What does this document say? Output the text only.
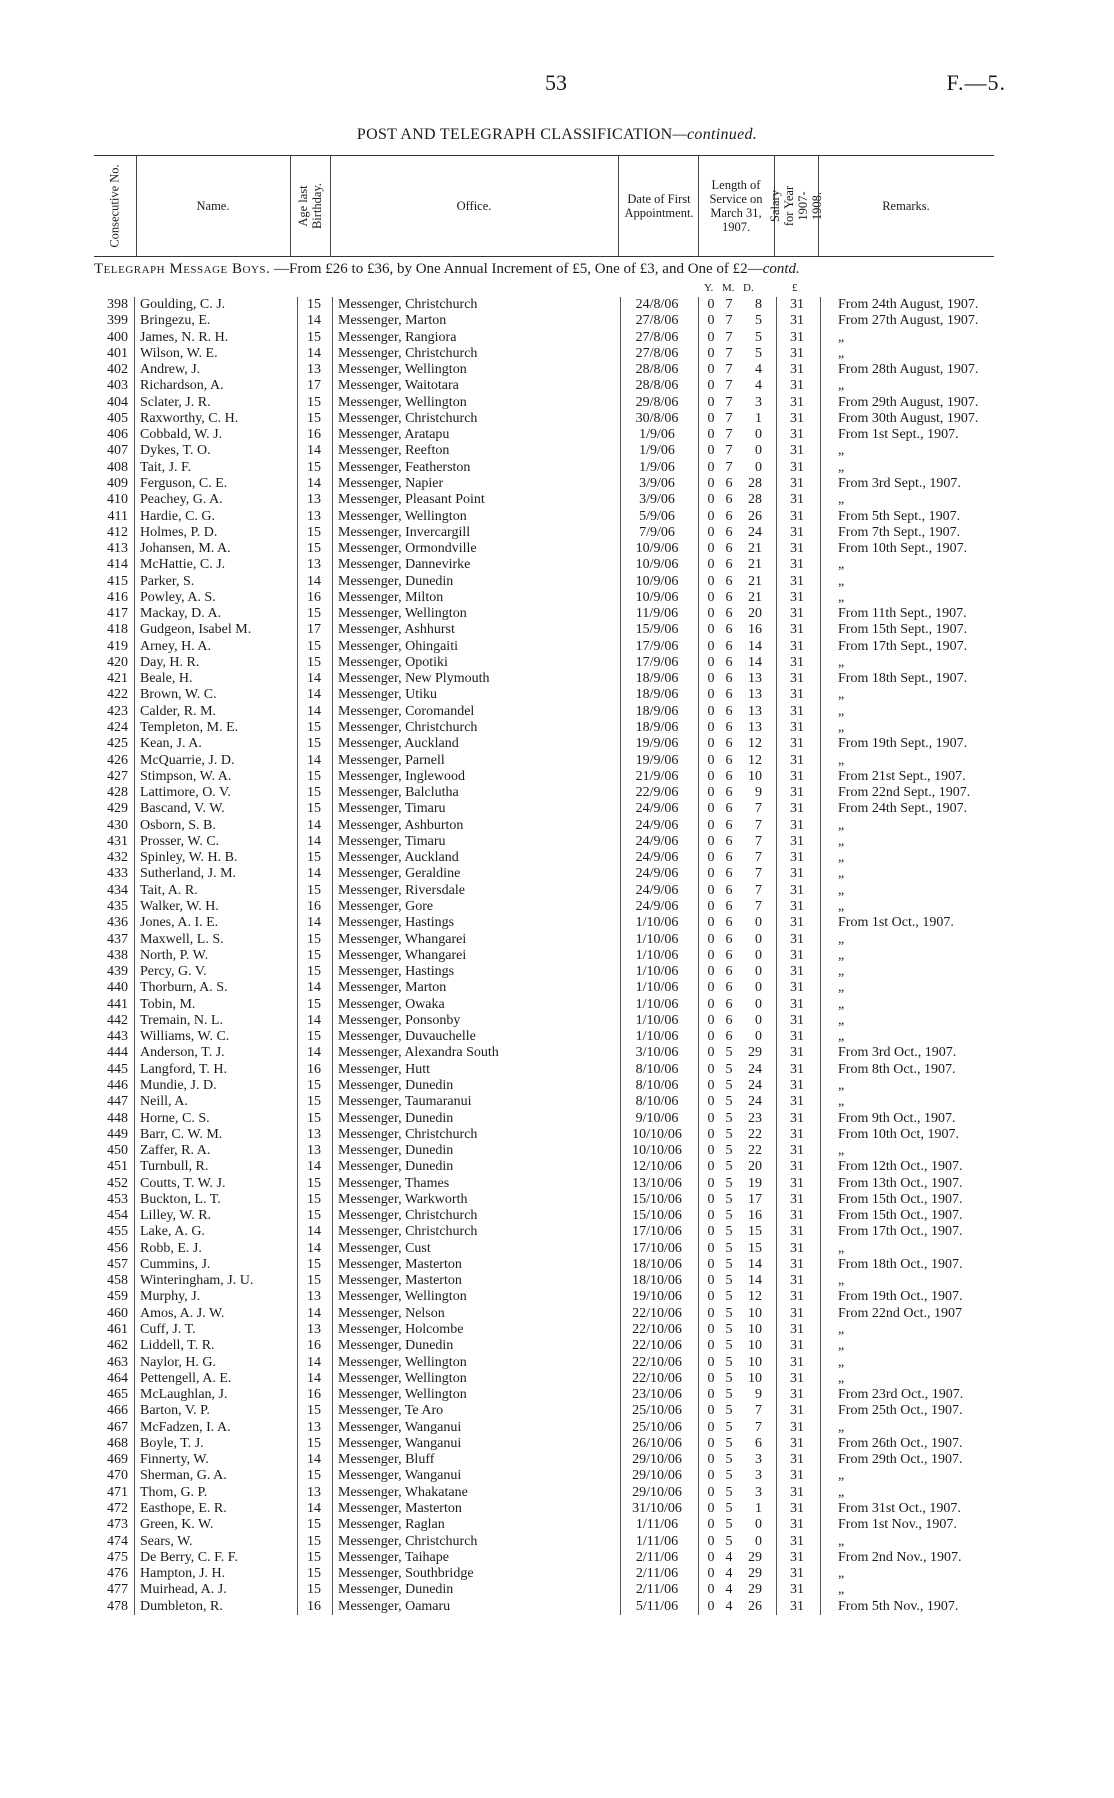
53	F.—5.
POST AND TELEGRAPH CLASSIFICATION—continued.
Consecutive No.	Name.	Age last Birthday.	Office.	Date of First Appointment.
Length of Service on March 31, 1907.
Salary for Year 1907-1908.	Remarks.
Telegraph Message Boys. —From £26 to £36, by One Annual Increment of £5, One of £3, and One of £2—contd.
Y. M. D.	£
398 Goulding, C. J.	15	Messenger, Christchurch	24/8/06	0 7	8	31	From 24th August, 1907.
399 Bringezu, E.	14	Messenger, Marton	27/8/06	0 7	5	31	From 27th August, 1907.
400 James, N. R. H.	15	Messenger, Rangiora	27/8/06	0 7	5	31	„
401 Wilson, W. E.	14	Messenger, Christchurch	27/8/06	0 7	5	31	„
402 Andrew, J.	13	Messenger, Wellington	28/8/06	0 7	4	31	From 28th August, 1907.
403 Richardson, A.	17	Messenger, Waitotara	28/8/06	0 7	4	31	„
404 Sclater, J. R.	15	Messenger, Wellington	29/8/06	0 7	3	31	From 29th August, 1907.
405 Raxworthy, C. H.	15	Messenger, Christchurch	30/8/06	0 7	1	31	From 30th August, 1907.
406 Cobbald, W. J.	16	Messenger, Aratapu	1/9/06	0 7	0	31	From 1st Sept., 1907.
407 Dykes, T. O.	14	Messenger, Reefton	1/9/06	0 7	0	31	„
408 Tait, J. F.	15	Messenger, Featherston	1/9/06	0 7	0	31	„
409 Ferguson, C. E.	14	Messenger, Napier	3/9/06	0 6	28	31	From 3rd Sept., 1907.
410 Peachey, G. A.	13	Messenger, Pleasant Point	3/9/06	0 6	28	31	„
411 Hardie, C. G.	13	Messenger, Wellington	5/9/06	0 6	26	31	From 5th Sept., 1907.
412 Holmes, P. D.	15	Messenger, Invercargill	7/9/06	0 6	24	31	From 7th Sept., 1907.
413 Johansen, M. A.	15	Messenger, Ormondville	10/9/06	0 6	21	31	From 10th Sept., 1907.
414 McHattie, C. J.	13	Messenger, Dannevirke	10/9/06	0 6	21	31	„
415 Parker, S.	14	Messenger, Dunedin	10/9/06	0 6	21	31	„
416 Powley, A. S.	16	Messenger, Milton	10/9/06	0 6	21	31	„
417 Mackay, D. A.	15	Messenger, Wellington	11/9/06	0 6	20	31	From 11th Sept., 1907.
418 Gudgeon, Isabel M.	17	Messenger, Ashhurst	15/9/06	0 6	16	31	From 15th Sept., 1907.
419 Arney, H. A.	15	Messenger, Ohingaiti	17/9/06	0 6	14	31	From 17th Sept., 1907.
420 Day, H. R.	15	Messenger, Opotiki	17/9/06	0 6	14	31	„
421 Beale, H.	14	Messenger, New Plymouth	18/9/06	0 6	13	31	From 18th Sept., 1907.
422 Brown, W. C.	14	Messenger, Utiku	18/9/06	0 6	13	31	„
423 Calder, R. M.	14	Messenger, Coromandel	18/9/06	0 6	13	31	„
424 Templeton, M. E.	15	Messenger, Christchurch	18/9/06	0 6	13	31	„
425 Kean, J. A.	15	Messenger, Auckland	19/9/06	0 6	12	31	From 19th Sept., 1907.
426 McQuarrie, J. D.	14	Messenger, Parnell	19/9/06	0 6	12	31	„
427 Stimpson, W. A.	15	Messenger, Inglewood	21/9/06	0 6	10	31	From 21st Sept., 1907.
428 Lattimore, O. V.	15	Messenger, Balclutha	22/9/06	0 6	9	31	From 22nd Sept., 1907.
429 Bascand, V. W.	15	Messenger, Timaru	24/9/06	0 6	7	31	From 24th Sept., 1907.
430 Osborn, S. B.	14	Messenger, Ashburton	24/9/06	0 6	7	31	„
431 Prosser, W. C.	14	Messenger, Timaru	24/9/06	0 6	7	31	„
432 Spinley, W. H. B.	15	Messenger, Auckland	24/9/06	0 6	7	31	„
433 Sutherland, J. M.	14	Messenger, Geraldine	24/9/06	0 6	7	31	„
434 Tait, A. R.	15	Messenger, Riversdale	24/9/06	0 6	7	31	„
435 Walker, W. H.	16	Messenger, Gore	24/9/06	0 6	7	31	„
436 Jones, A. I. E.	14	Messenger, Hastings	1/10/06	0 6	0	31	From 1st Oct., 1907.
437 Maxwell, L. S.	15	Messenger, Whangarei	1/10/06	0 6	0	31	„
438 North, P. W.	15	Messenger, Whangarei	1/10/06	0 6	0	31	„
439 Percy, G. V.	15	Messenger, Hastings	1/10/06	0 6	0	31	„
440 Thorburn, A. S.	14	Messenger, Marton	1/10/06	0 6	0	31	„
441 Tobin, M.	15	Messenger, Owaka	1/10/06	0 6	0	31	„
442 Tremain, N. L.	14	Messenger, Ponsonby	1/10/06	0 6	0	31	„
443 Williams, W. C.	15	Messenger, Duvauchelle	1/10/06	0 6	0	31	„
444 Anderson, T. J.	14	Messenger, Alexandra South	3/10/06	0 5	29	31	From 3rd Oct., 1907.
445 Langford, T. H.	16	Messenger, Hutt	8/10/06	0 5	24	31	From 8th Oct., 1907.
446 Mundie, J. D.	15	Messenger, Dunedin	8/10/06	0 5	24	31	„
447 Neill, A.	15	Messenger, Taumaranui	8/10/06	0 5	24	31	„
448 Horne, C. S.	15	Messenger, Dunedin	9/10/06	0 5	23	31	From 9th Oct., 1907.
449 Barr, C. W. M.	13	Messenger, Christchurch	10/10/06	0 5	22	31	From 10th Oct, 1907.
450 Zaffer, R. A.	13	Messenger, Dunedin	10/10/06	0 5	22	31	„
451 Turnbull, R.	14	Messenger, Dunedin	12/10/06	0 5	20	31	From 12th Oct., 1907.
452 Coutts, T. W. J.	15	Messenger, Thames	13/10/06	0 5	19	31	From 13th Oct., 1907.
453 Buckton, L. T.	15	Messenger, Warkworth	15/10/06	0 5	17	31	From 15th Oct., 1907.
454 Lilley, W. R.	15	Messenger, Christchurch	15/10/06	0 5	16	31	From 15th Oct., 1907.
455 Lake, A. G.	14	Messenger, Christchurch	17/10/06	0 5	15	31	From 17th Oct., 1907.
456 Robb, E. J.	14	Messenger, Cust	17/10/06	0 5	15	31	„
457 Cummins, J.	15	Messenger, Masterton	18/10/06	0 5	14	31	From 18th Oct., 1907.
458 Winteringham, J. U.	15	Messenger, Masterton	18/10/06	0 5	14	31	„
459 Murphy, J.	13	Messenger, Wellington	19/10/06	0 5	12	31	From 19th Oct., 1907.
460 Amos, A. J. W.	14	Messenger, Nelson	22/10/06	0 5	10	31	From 22nd Oct., 1907
461 Cuff, J. T.	13	Messenger, Holcombe	22/10/06	0 5	10	31	„
462 Liddell, T. R.	16	Messenger, Dunedin	22/10/06	0 5	10	31	„
463 Naylor, H. G.	14	Messenger, Wellington	22/10/06	0 5	10	31	„
464 Pettengell, A. E.	14	Messenger, Wellington	22/10/06	0 5	10	31	„
465 McLaughlan, J.	16	Messenger, Wellington	23/10/06	0 5	9	31	From 23rd Oct., 1907.
466 Barton, V. P.	15	Messenger, Te Aro	25/10/06	0 5	7	31	From 25th Oct., 1907.
467 McFadzen, I. A.	13	Messenger, Wanganui	25/10/06	0 5	7	31	„
468 Boyle, T. J.	15	Messenger, Wanganui	26/10/06	0 5	6	31	From 26th Oct., 1907.
469 Finnerty, W.	14	Messenger, Bluff	29/10/06	0 5	3	31	From 29th Oct., 1907.
470 Sherman, G. A.	15	Messenger, Wanganui	29/10/06	0 5	3	31	„
471 Thom, G. P.	13	Messenger, Whakatane	29/10/06	0 5	3	31	„
472 Easthope, E. R.	14	Messenger, Masterton	31/10/06	0 5	1	31	From 31st Oct., 1907.
473 Green, K. W.	15	Messenger, Raglan	1/11/06	0 5	0	31	From 1st Nov., 1907.
474 Sears, W.	15	Messenger, Christchurch	1/11/06	0 5	0	31	„
475 De Berry, C. F. F.	15	Messenger, Taihape	2/11/06	0 4	29	31	From 2nd Nov., 1907.
476 Hampton, J. H.	15	Messenger, Southbridge	2/11/06	0 4	29	31	„
477 Muirhead, A. J.	15	Messenger, Dunedin	2/11/06	0 4	29	31	„
478 Dumbleton, R.	16	Messenger, Oamaru	5/11/06	0 4	26	31	From 5th Nov., 1907.
